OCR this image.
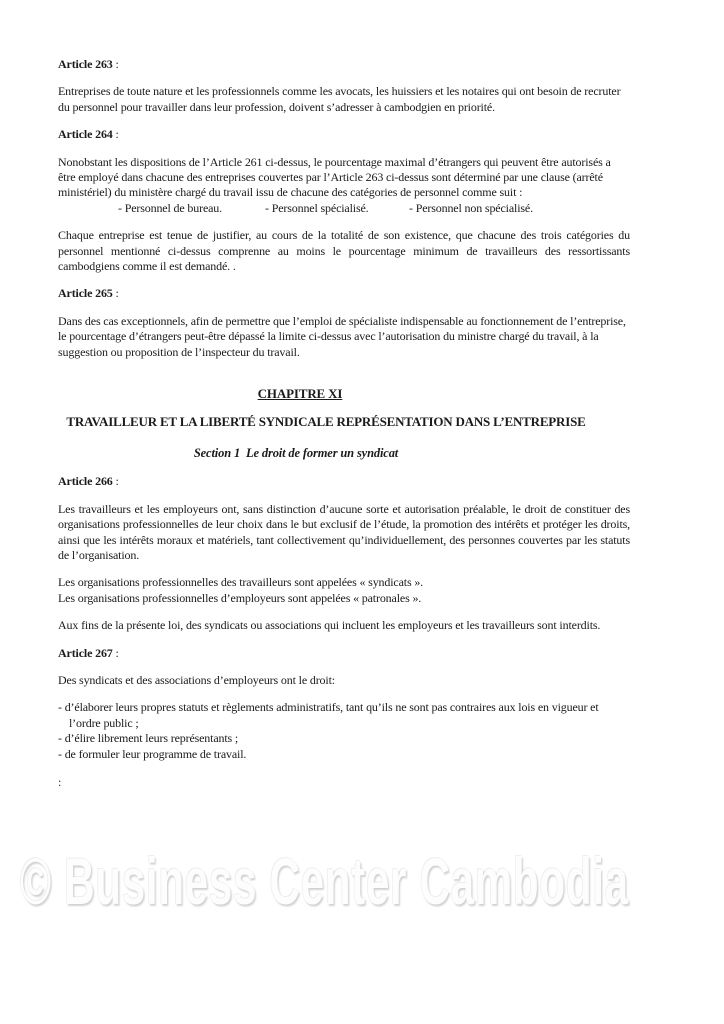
Article 263 :

Entreprises de toute nature et les professionnels comme les avocats, les huissiers et les notaires qui ont besoin de recruter du personnel pour travailler dans leur profession, doivent s’adresser à cambodgien en priorité.

Article 264 :

Nonobstant les dispositions de l’Article 261 ci-dessus, le pourcentage maximal d’étrangers qui peuvent être autorisés a être employé dans chacune des entreprises couvertes par l’Article 263 ci-dessus sont déterminé par une clause (arrêté ministériel) du ministère chargé du travail issu de chacune des catégories de personnel comme suit :

- Personnel de bureau.	- Personnel spécialisé.	- Personnel non spécialisé.

Chaque entreprise est tenue de justifier, au cours de la totalité de son existence, que chacune des trois catégories du personnel mentionné ci-dessus comprenne au moins le pourcentage minimum de travailleurs des ressortissants cambodgiens comme il est demandé. .

Article 265 :

Dans des cas exceptionnels, afin de permettre que l’emploi de spécialiste indispensable au fonctionnement de l’entreprise, le pourcentage d’étrangers peut-être dépassé la limite ci-dessus avec l’autorisation du ministre chargé du travail, à la suggestion ou proposition de l’inspecteur du travail.

CHAPITRE XI
TRAVAILLEUR ET LA LIBERTÉ SYNDICALE REPRÉSENTATION DANS L’ENTREPRISE
Section 1  Le droit de former un syndicat
Article 266 :

Les travailleurs et les employeurs ont, sans distinction d’aucune sorte et autorisation préalable, le droit de constituer des organisations professionnelles de leur choix dans le but exclusif de l’étude, la promotion des intérêts et protéger les droits, ainsi que les intérêts moraux et matériels, tant collectivement qu’individuellement, des personnes couvertes par les statuts de l’organisation.

Les organisations professionnelles des travailleurs sont appelées « syndicats ».

Les organisations professionnelles d’employeurs sont appelées « patronales ».

Aux fins de la présente loi, des syndicats ou associations qui incluent les employeurs et les travailleurs sont interdits.

Article 267 :

Des syndicats et des associations d’employeurs ont le droit:

- d’élaborer leurs propres statuts et règlements administratifs, tant qu’ils ne sont pas contraires aux lois en vigueur et l’ordre public ;
- d’élire librement leurs représentants ;
- de formuler leur programme de travail.
:
© Business Center Cambodia
